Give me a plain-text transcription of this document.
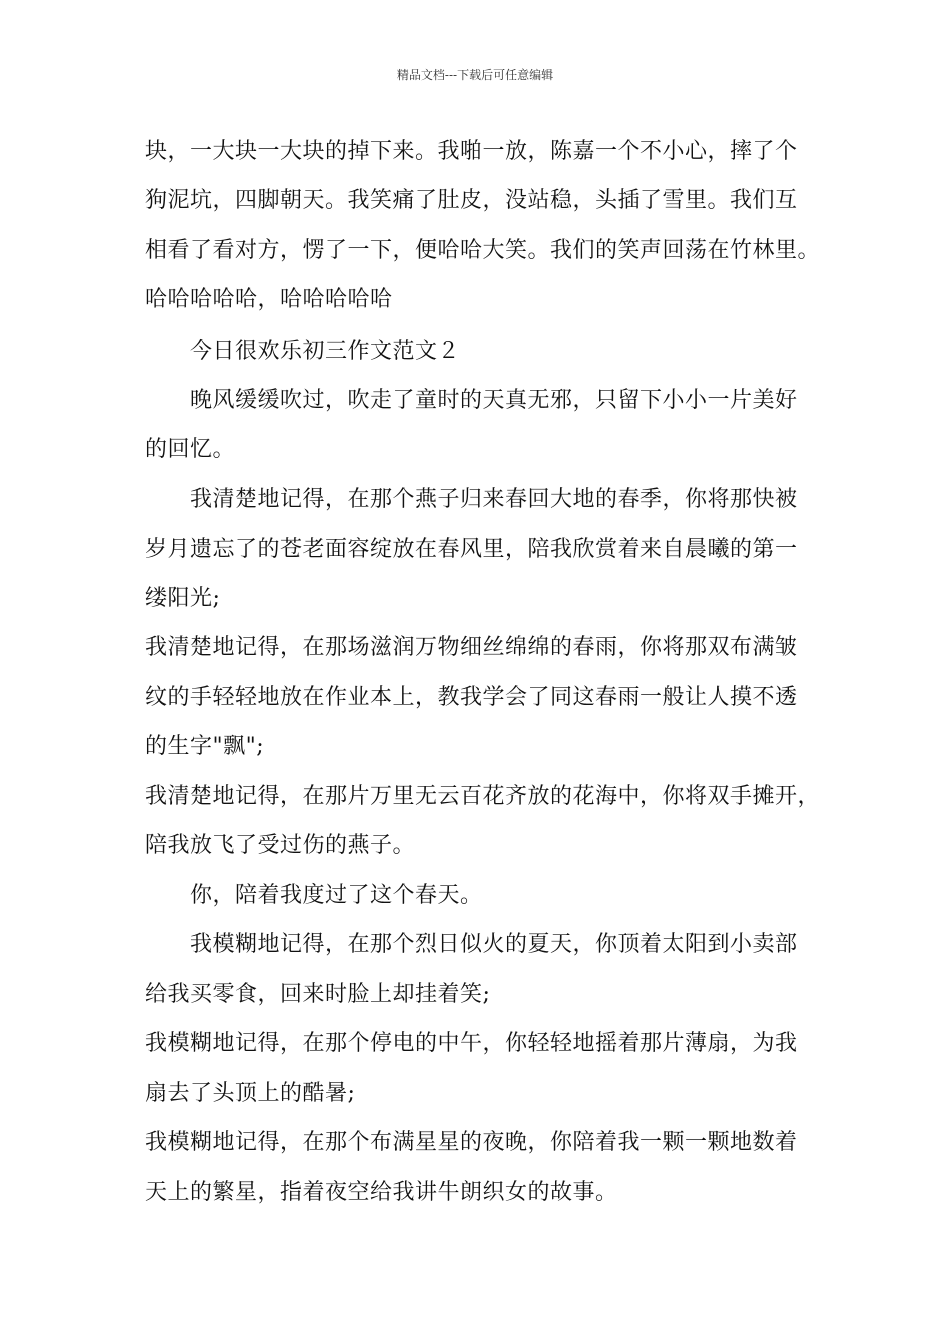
精品文档---下载后可任意编辑
块，一大块一大块的掉下来。我啪一放，陈嘉一个不小心，摔了个
狗泥坑，四脚朝天。我笑痛了肚皮，没站稳，头插了雪里。我们互
相看了看对方，愣了一下，便哈哈大笑。我们的笑声回荡在竹林里。
哈哈哈哈哈，哈哈哈哈哈
今日很欢乐初三作文范文２
晚风缓缓吹过，吹走了童时的天真无邪，只留下小小一片美好
的回忆。
我清楚地记得，在那个燕子归来春回大地的春季，你将那快被
岁月遗忘了的苍老面容绽放在春风里，陪我欣赏着来自晨曦的第一
缕阳光;
我清楚地记得，在那场滋润万物细丝绵绵的春雨，你将那双布满皱
纹的手轻轻地放在作业本上，教我学会了同这春雨一般让人摸不透
的生字"飘";
我清楚地记得，在那片万里无云百花齐放的花海中，你将双手摊开，
陪我放飞了受过伤的燕子。
你，陪着我度过了这个春天。
我模糊地记得，在那个烈日似火的夏天，你顶着太阳到小卖部
给我买零食，回来时脸上却挂着笑;
我模糊地记得，在那个停电的中午，你轻轻地摇着那片薄扇，为我
扇去了头顶上的酷暑;
我模糊地记得，在那个布满星星的夜晚，你陪着我一颗一颗地数着
天上的繁星，指着夜空给我讲牛朗织女的故事。
